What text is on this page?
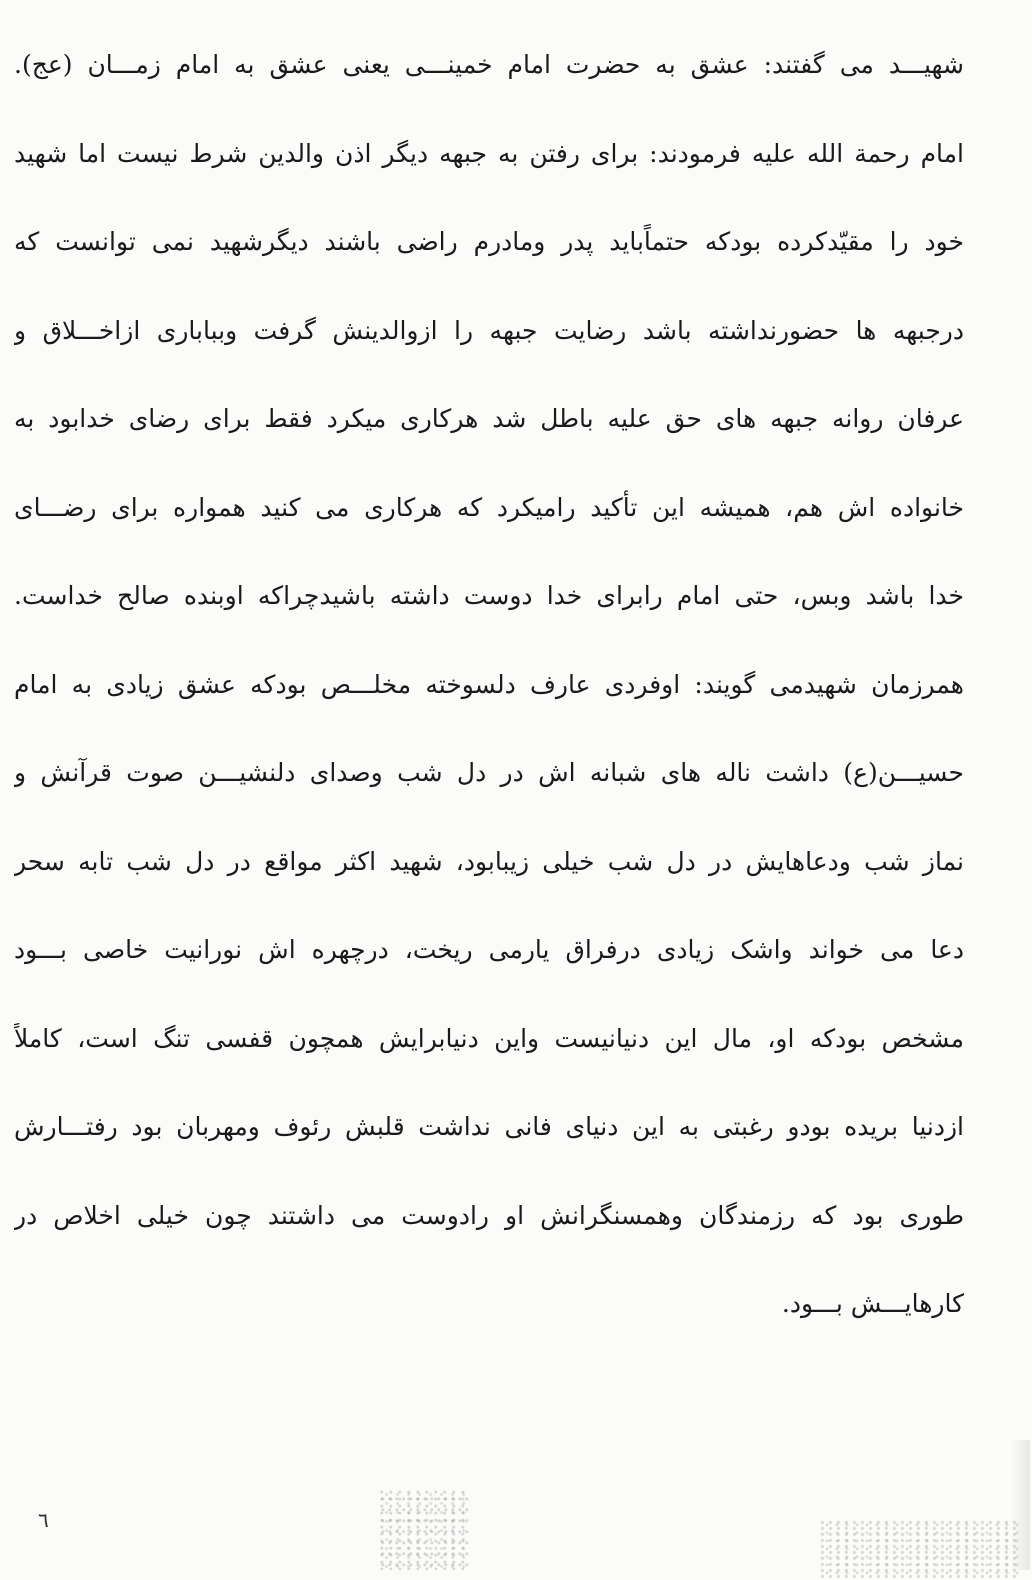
شهیـــد می گفتند: عشق به حضرت امام خمینـــی یعنی عشق به امام زمـــان (عج).
امام رحمة الله علیه فرمودند: برای رفتن به جبهه دیگر اذن والدین شرط نیست اما شهید
خود را مقیّدکرده بودکه حتماًباید پدر ومادرم راضی باشند دیگرشهید نمی توانست که
درجبهه ها حضورنداشته باشد رضایت جبهه را ازوالدینش گرفت وبباباری ازاخـــلاق و
عرفان روانه جبهه های حق علیه باطل شد هرکاری میکرد فقط برای رضای خدابود به
خانواده اش هم، همیشه این تأکید رامیکرد که هرکاری می کنید همواره برای رضـــای
خدا باشد وبس، حتی امام رابرای خدا دوست داشته باشیدچراکه اوبنده صالح خداست.
همرزمان شهیدمی گویند: اوفردی عارف دلسوخته مخلـــص بودکه عشق زیادی به امام
حسیـــن(ع) داشت ناله های شبانه اش در دل شب وصدای دلنشیـــن صوت قرآنش و
نماز شب ودعاهایش در دل شب خیلی زیبابود، شهید اکثر مواقع در دل شب تابه سحر
دعا می خواند واشک زیادی درفراق یارمی ریخت، درچهره اش نورانیت خاصی بـــود
مشخص بودکه او، مال این دنیانیست واین دنیابرایش همچون قفسی تنگ است، کاملاً
ازدنیا بریده بودو رغبتی به این دنیای فانی نداشت قلبش رئوف ومهربان بود رفتـــارش
طوری بود که رزمندگان وهمسنگرانش او رادوست می داشتند چون خیلی اخلاص در
کارهایـــش بـــود.
٦
